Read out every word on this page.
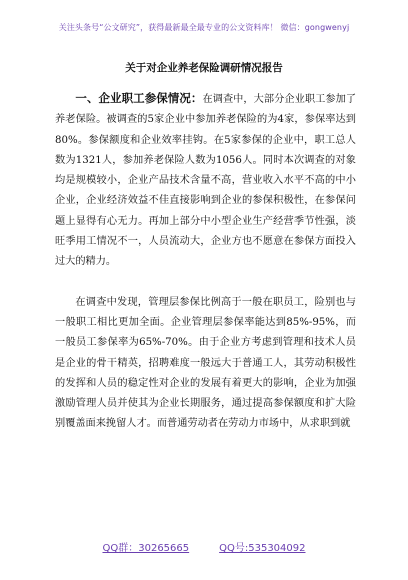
关注头条号“公文研究”，获得最新最全最专业的公文资料库！ 微信：gongwenyj
关于对企业养老保险调研情况报告

一、企业职工参保情况：在调查中，大部分企业职工参加了养老保险。被调查的5家企业中参加养老保险的为4家，参保率达到80%。参保额度和企业效率挂钩。在5家参保的企业中，职工总人数为1321人，参加养老保险人数为1056人。同时本次调查的对象均是规模较小，企业产品技术含量不高，营业收入水平不高的中小企业，企业经济效益不佳直接影响到企业的参保积极性，在参保问题上显得有心无力。再加上部分中小型企业生产经营季节性强，淡旺季用工情况不一，人员流动大，企业方也不愿意在参保方面投入过大的精力。

在调查中发现，管理层参保比例高于一般在职员工，险别也与一般职工相比更加全面。企业管理层参保率能达到85%-95%，而一般员工参保率为65%-70%。由于企业方考虑到管理和技术人员是企业的骨干精英，招聘难度一般远大于普通工人，其劳动积极性的发挥和人员的稳定性对企业的发展有着更大的影响，企业为加强激励管理人员并使其为企业长期服务，通过提高参保额度和扩大险别覆盖面来挽留人才。而普通劳动者在劳动力市场中，从求职到就

QQ群：30265665	QQ号:535304092
